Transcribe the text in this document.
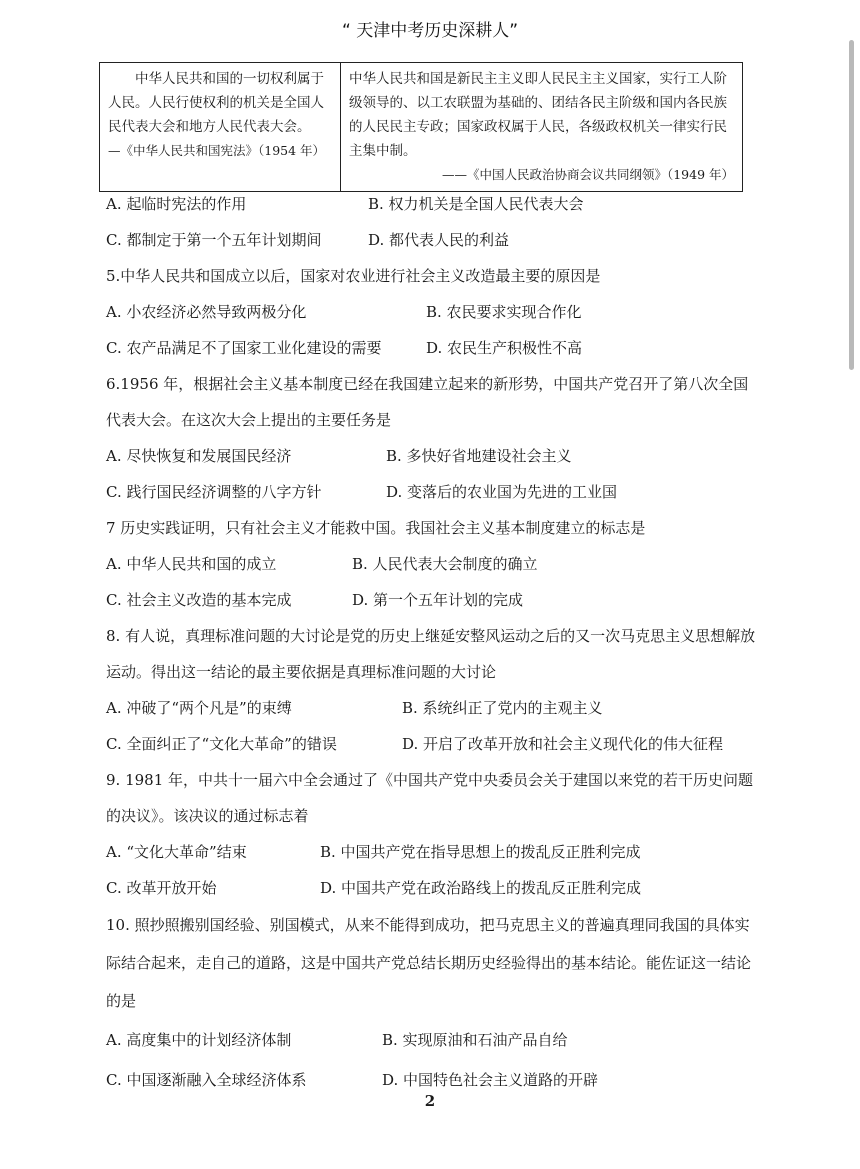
“ 天津中考历史深耕人”
中华人民共和国的一切权利属于人民。人民行使权利的机关是全国人民代表大会和地方人民代表大会。
—《中华人民共和国宪法》（1954 年）

中华人民共和国是新民主主义即人民民主主义国家，实行工人阶级领导的、以工农联盟为基础的、团结各民主阶级和国内各民族的人民民主专政；国家政权属于人民，各级政权机关一律实行民主集中制。
——《中国人民政治协商会议共同纲领》（1949 年）
A. 起临时宪法的作用	B. 权力机关是全国人民代表大会
C. 都制定于第一个五年计划期间	D. 都代表人民的利益
5.中华人民共和国成立以后，国家对农业进行社会主义改造最主要的原因是
A. 小农经济必然导致两极分化	B. 农民要求实现合作化
C. 农产品满足不了国家工业化建设的需要	D. 农民生产积极性不高
6.1956 年，根据社会主义基本制度已经在我国建立起来的新形势，中国共产党召开了第八次全国代表大会。在这次大会上提出的主要任务是
A. 尽快恢复和发展国民经济	B. 多快好省地建设社会主义
C. 践行国民经济调整的八字方针	D. 变落后的农业国为先进的工业国
7 历史实践证明，只有社会主义才能救中国。我国社会主义基本制度建立的标志是
A. 中华人民共和国的成立	B. 人民代表大会制度的确立
C. 社会主义改造的基本完成	D. 第一个五年计划的完成
8. 有人说，真理标准问题的大讨论是党的历史上继延安整风运动之后的又一次马克思主义思想解放运动。得出这一结论的最主要依据是真理标准问题的大讨论
A. 冲破了“两个凡是”的束缚	B. 系统纠正了党内的主观主义
C. 全面纠正了“文化大革命”的错误	D. 开启了改革开放和社会主义现代化的伟大征程
9. 1981 年，中共十一届六中全会通过了《中国共产党中央委员会关于建国以来党的若干历史问题的决议》。该决议的通过标志着
A. “文化大革命”结束	B. 中国共产党在指导思想上的拨乱反正胜利完成
C. 改革开放开始	D. 中国共产党在政治路线上的拨乱反正胜利完成
10. 照抄照搬别国经验、别国模式，从来不能得到成功，把马克思主义的普遍真理同我国的具体实际结合起来，走自己的道路，这是中国共产党总结长期历史经验得出的基本结论。能佐证这一结论的是
A. 高度集中的计划经济体制	B. 实现原油和石油产品自给
C. 中国逐渐融入全球经济体系	D. 中国特色社会主义道路的开辟
2
